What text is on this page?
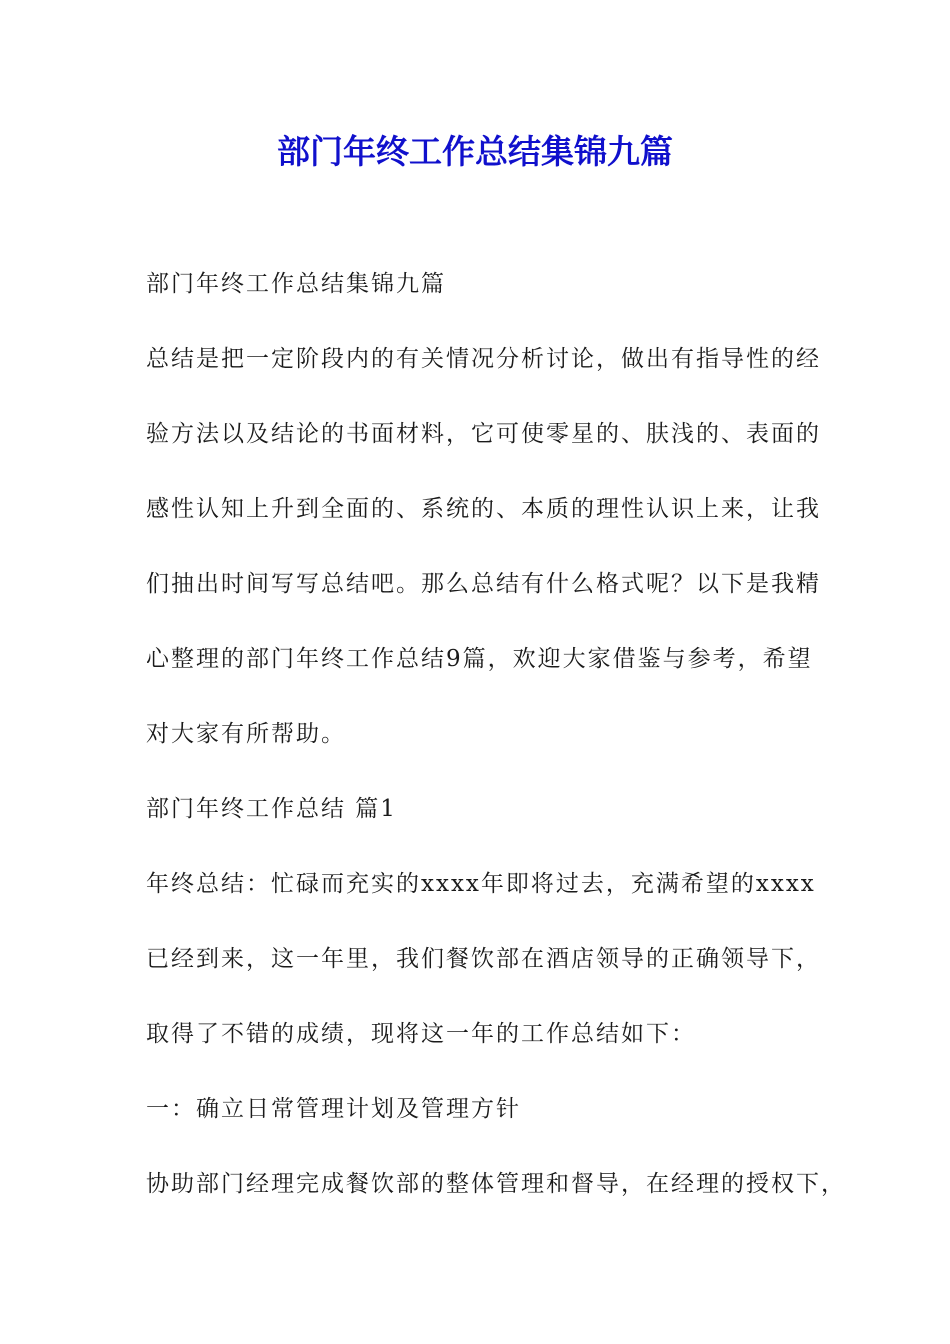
部门年终工作总结集锦九篇

部门年终工作总结集锦九篇

总结是把一定阶段内的有关情况分析讨论，做出有指导性的经

验方法以及结论的书面材料，它可使零星的、肤浅的、表面的

感性认知上升到全面的、系统的、本质的理性认识上来，让我

们抽出时间写写总结吧。那么总结有什么格式呢？以下是我精

心整理的部门年终工作总结9篇，欢迎大家借鉴与参考，希望

对大家有所帮助。

部门年终工作总结 篇1

年终总结：忙碌而充实的xxxx年即将过去，充满希望的xxxx

已经到来，这一年里，我们餐饮部在酒店领导的正确领导下，

取得了不错的成绩，现将这一年的工作总结如下：

一：确立日常管理计划及管理方针

协助部门经理完成餐饮部的整体管理和督导，在经理的授权下，
